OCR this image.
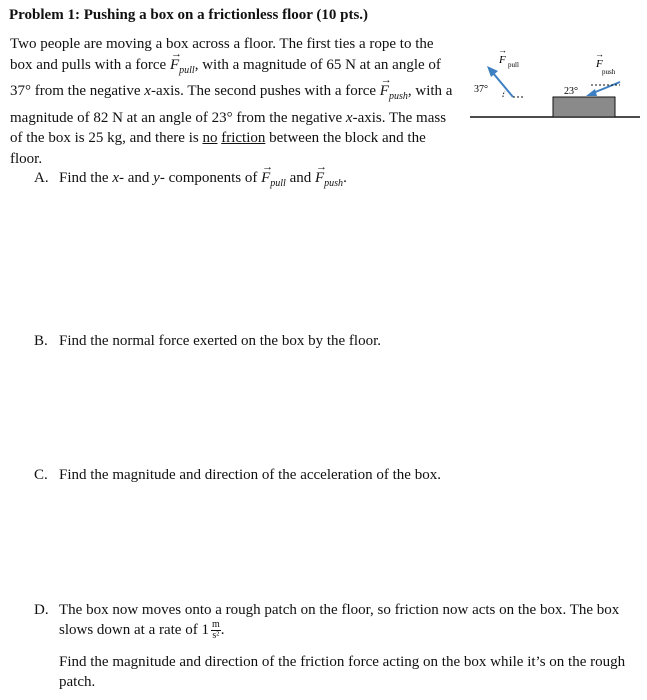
Problem 1: Pushing a box on a frictionless floor (10 pts.)
Two people are moving a box across a floor. The first ties a rope to the box and pulls with a force → $F_{pull}$, with a magnitude of 65 N at an angle of 37° from the negative x-axis. The second pushes with a force → $F_{push}$, with a magnitude of 82 N at an angle of 23° from the negative x-axis. The mass of the box is 25 kg, and there is no friction between the block and the floor.
37°
F
→
pull
23°
F
→
push
A. Find the x- and y- components of → $F_{pull}$ and → $F_{push}$.
B. Find the normal force exerted on the box by the floor.
C. Find the magnitude and direction of the acceleration of the box.
D. The box now moves onto a rough patch on the floor, so friction now acts on the box. The box slows down at a rate of $1 \frac{m}{\text{s²}}$ .
Find the magnitude and direction of the friction force acting on the box while it’s on the rough patch.
